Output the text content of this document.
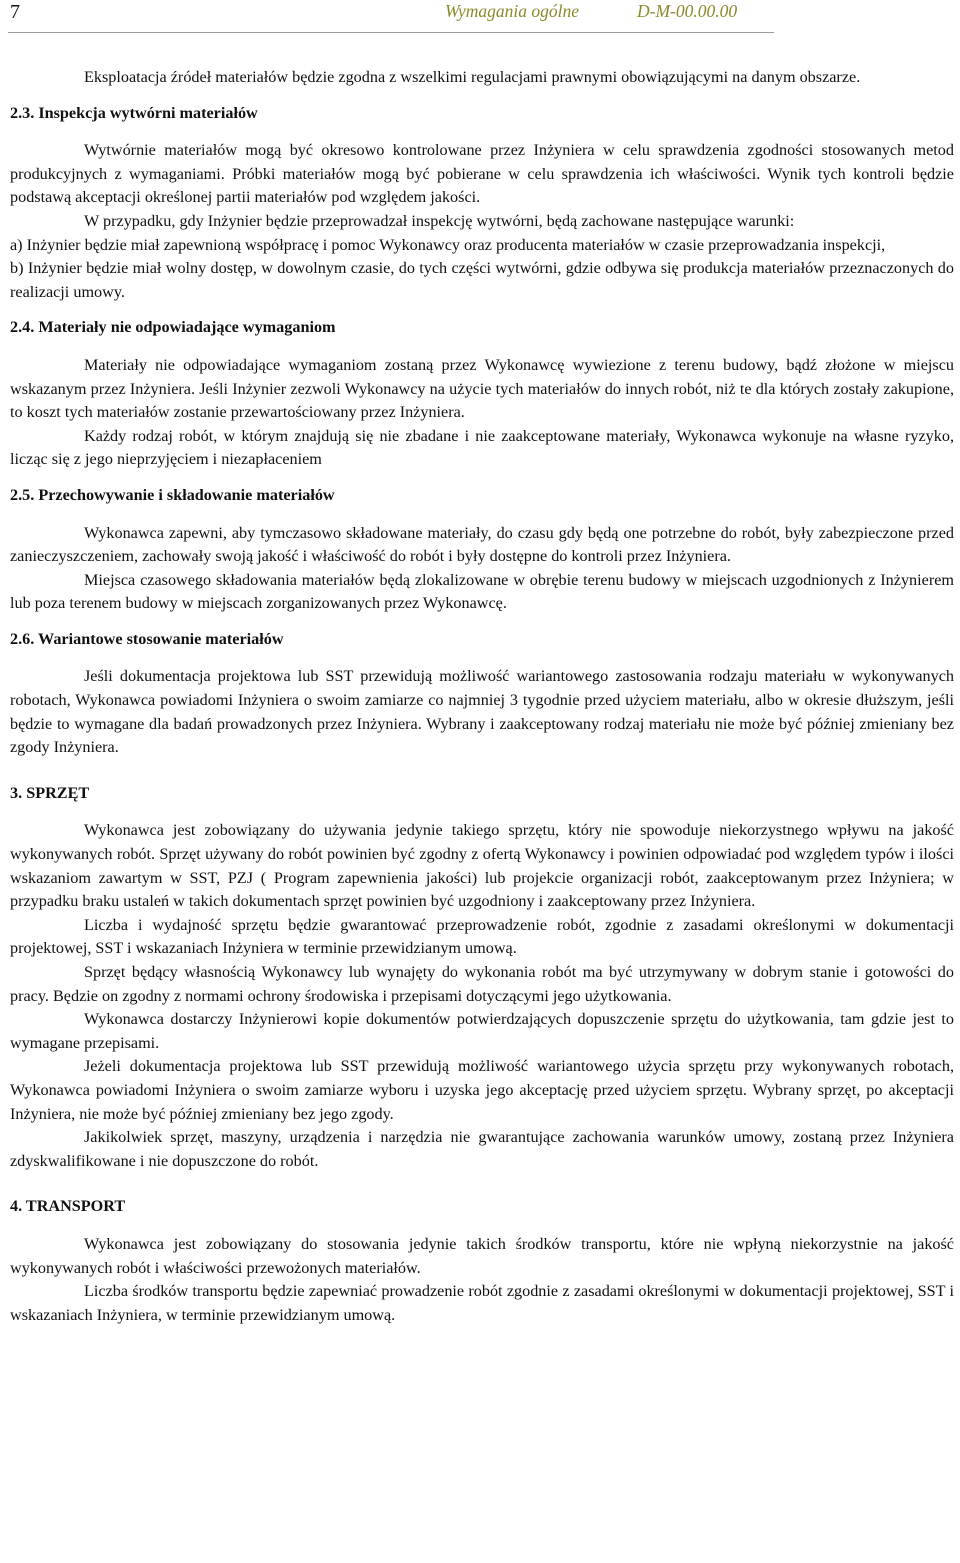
7	Wymagania ogólne	D-M-00.00.00

Eksploatacja źródeł materiałów będzie zgodna z wszelkimi regulacjami prawnymi obowiązującymi na danym obszarze.

2.3. Inspekcja wytwórni materiałów

Wytwórnie materiałów mogą być okresowo kontrolowane przez Inżyniera w celu sprawdzenia zgodności stosowanych metod produkcyjnych z wymaganiami. Próbki materiałów mogą być pobierane w celu sprawdzenia ich właściwości. Wynik tych kontroli będzie podstawą akceptacji określonej partii materiałów pod względem jakości.

W przypadku, gdy Inżynier będzie przeprowadzał inspekcję wytwórni, będą zachowane następujące warunki:

a) Inżynier będzie miał zapewnioną współpracę i pomoc Wykonawcy oraz producenta materiałów w czasie przeprowadzania inspekcji,

b) Inżynier będzie miał wolny dostęp, w dowolnym czasie, do tych części wytwórni, gdzie odbywa się produkcja materiałów przeznaczonych do realizacji umowy.

2.4. Materiały nie odpowiadające wymaganiom

Materiały nie odpowiadające wymaganiom zostaną przez Wykonawcę wywiezione z terenu budowy, bądź złożone w miejscu wskazanym przez Inżyniera. Jeśli Inżynier zezwoli Wykonawcy na użycie tych materiałów do innych robót, niż te dla których zostały zakupione, to koszt tych materiałów zostanie przewartościowany przez Inżyniera.

Każdy rodzaj robót, w którym znajdują się nie zbadane i nie zaakceptowane materiały, Wykonawca wykonuje na własne ryzyko, licząc się z jego nieprzyjęciem i niezapłaceniem

2.5. Przechowywanie i składowanie materiałów

Wykonawca zapewni, aby tymczasowo składowane materiały, do czasu gdy będą one potrzebne do robót, były zabezpieczone przed zanieczyszczeniem, zachowały swoją jakość i właściwość do robót i były dostępne do kontroli przez Inżyniera.

Miejsca czasowego składowania materiałów będą zlokalizowane w obrębie terenu budowy w miejscach uzgodnionych z Inżynierem lub poza terenem budowy w miejscach zorganizowanych przez Wykonawcę.

2.6. Wariantowe stosowanie materiałów

Jeśli dokumentacja projektowa lub SST przewidują możliwość wariantowego zastosowania rodzaju materiału w wykonywanych robotach, Wykonawca powiadomi Inżyniera o swoim zamiarze co najmniej 3 tygodnie przed użyciem materiału, albo w okresie dłuższym, jeśli będzie to wymagane dla badań prowadzonych przez Inżyniera. Wybrany i zaakceptowany rodzaj materiału nie może być później zmieniany bez zgody Inżyniera.

3. SPRZĘT

Wykonawca jest zobowiązany do używania jedynie takiego sprzętu, który nie spowoduje niekorzystnego wpływu na jakość wykonywanych robót. Sprzęt używany do robót powinien być zgodny z ofertą Wykonawcy i powinien odpowiadać pod względem typów i ilości wskazaniom zawartym w SST, PZJ ( Program zapewnienia jakości) lub projekcie organizacji robót, zaakceptowanym przez Inżyniera; w przypadku braku ustaleń w takich dokumentach sprzęt powinien być uzgodniony i zaakceptowany przez Inżyniera.

Liczba i wydajność sprzętu będzie gwarantować przeprowadzenie robót, zgodnie z zasadami określonymi w dokumentacji projektowej, SST i wskazaniach Inżyniera w terminie przewidzianym umową.

Sprzęt będący własnością Wykonawcy lub wynajęty do wykonania robót ma być utrzymywany w dobrym stanie i gotowości do pracy. Będzie on zgodny z normami ochrony środowiska i przepisami dotyczącymi jego użytkowania.

Wykonawca dostarczy Inżynierowi kopie dokumentów potwierdzających dopuszczenie sprzętu do użytkowania, tam gdzie jest to wymagane przepisami.

Jeżeli dokumentacja projektowa lub SST przewidują możliwość wariantowego użycia sprzętu przy wykonywanych robotach, Wykonawca powiadomi Inżyniera o swoim zamiarze wyboru i uzyska jego akceptację przed użyciem sprzętu. Wybrany sprzęt, po akceptacji Inżyniera, nie może być później zmieniany bez jego zgody.

Jakikolwiek sprzęt, maszyny, urządzenia i narzędzia nie gwarantujące zachowania warunków umowy, zostaną przez Inżyniera zdyskwalifikowane i nie dopuszczone do robót.

4. TRANSPORT

Wykonawca jest zobowiązany do stosowania jedynie takich środków transportu, które nie wpłyną niekorzystnie na jakość wykonywanych robót i właściwości przewożonych materiałów.

Liczba środków transportu będzie zapewniać prowadzenie robót zgodnie z zasadami określonymi w dokumentacji projektowej, SST i wskazaniach Inżyniera, w terminie przewidzianym umową.
